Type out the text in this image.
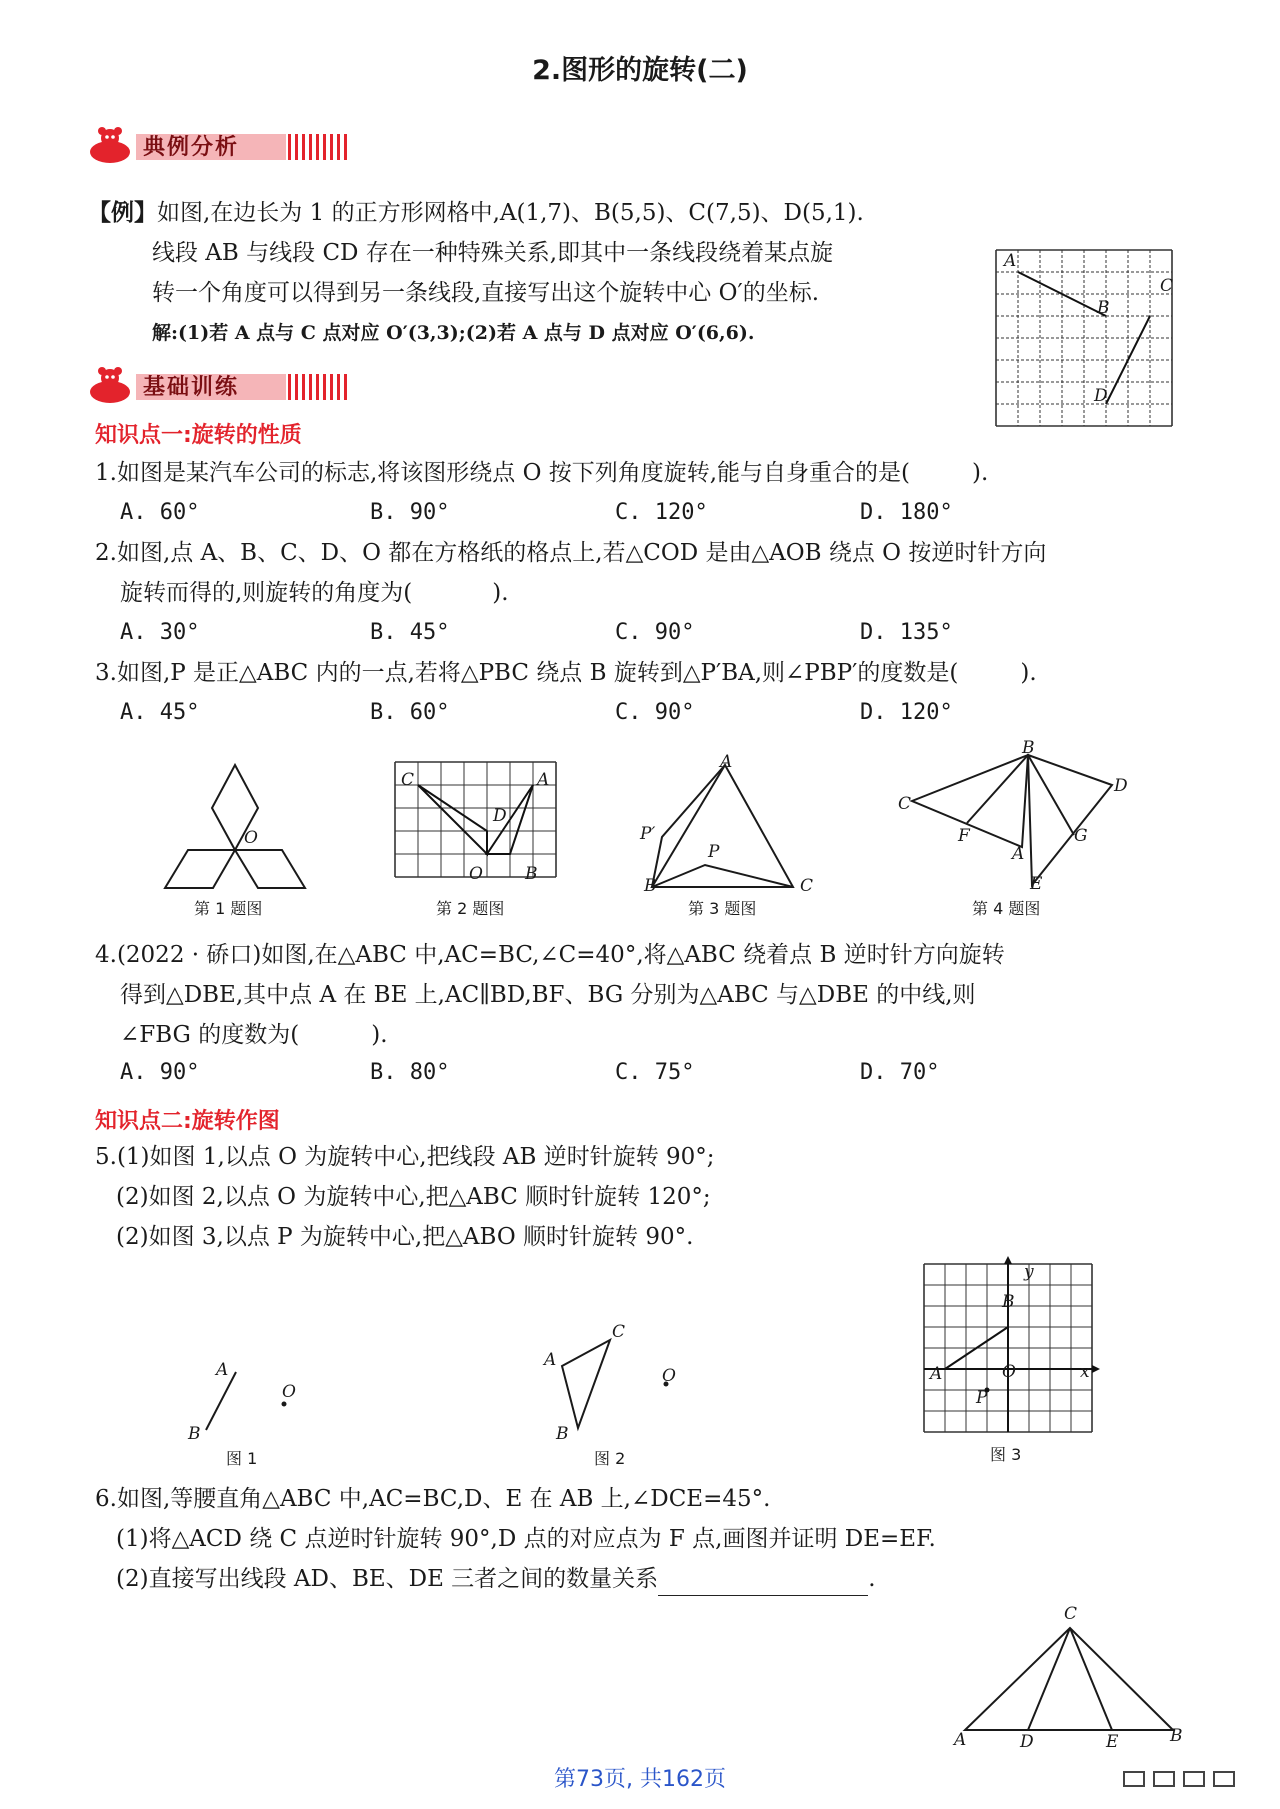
2.图形的旋转(二)
典例分析
【例】如图,在边长为 1 的正方形网格中,A(1,7)、B(5,5)、C(7,5)、D(5,1).
线段 AB 与线段 CD 存在一种特殊关系,即其中一条线段绕着某点旋
转一个角度可以得到另一条线段,直接写出这个旋转中心 O′的坐标.
解:(1)若 A 点与 C 点对应 O′(3,3);(2)若 A 点与 D 点对应 O′(6,6).
A
B
C
D
基础训练
知识点一:旋转的性质
1.如图是某汽车公司的标志,将该图形绕点 O 按下列角度旋转,能与自身重合的是(	).
A. 60°	B. 90°	C. 120°	D. 180°
2.如图,点 A、B、C、D、O 都在方格纸的格点上,若△COD 是由△AOB 绕点 O 按逆时针方向
旋转而得的,则旋转的角度为(	).
A. 30°	B. 45°	C. 90°	D. 135°
3.如图,P 是正△ABC 内的一点,若将△PBC 绕点 B 旋转到△P′BA,则∠PBP′的度数是(	).
A. 45°	B. 60°	C. 90°	D. 120°
O
第 1 题图
C	A
D
O B
第 2 题图
A
P′
P
B	C
第 3 题图
B
C
D
F	G
A
E
第 4 题图
4.(2022 · 硚口)如图,在△ABC 中,AC=BC,∠C=40°,将△ABC 绕着点 B 逆时针方向旋转
得到△DBE,其中点 A 在 BE 上,AC∥BD,BF、BG 分别为△ABC 与△DBE 的中线,则
∠FBG 的度数为(	).
A. 90°	B. 80°	C. 75°	D. 70°
知识点二:旋转作图
5.(1)如图 1,以点 O 为旋转中心,把线段 AB 逆时针旋转 90°;
(2)如图 2,以点 O 为旋转中心,把△ABC 顺时针旋转 120°;
(2)如图 3,以点 P 为旋转中心,把△ABO 顺时针旋转 90°.
A
B
O
图 1
C
A
B
O
图 2
y
x
B
A	O
P
图 3
6.如图,等腰直角△ABC 中,AC=BC,D、E 在 AB 上,∠DCE=45°.
(1)将△ACD 绕 C 点逆时针旋转 90°,D 点的对应点为 F 点,画图并证明 DE=EF.
(2)直接写出线段 AD、BE、DE 三者之间的数量关系	.
C
A	D	E	B
第73页, 共162页
